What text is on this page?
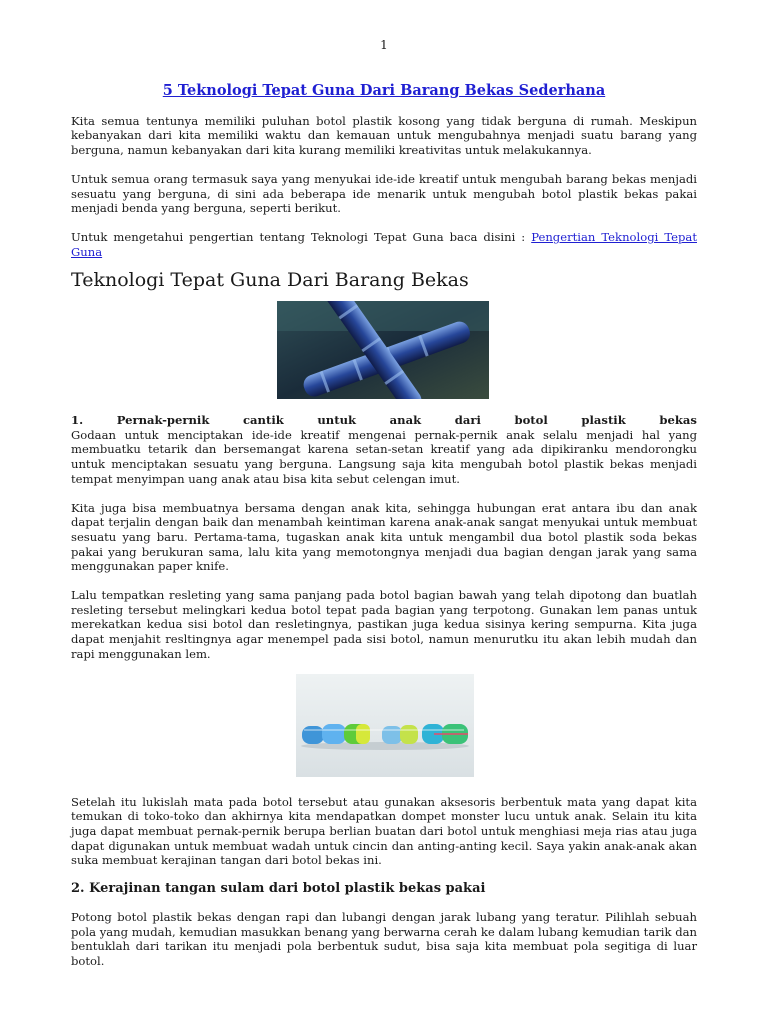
1
5 Teknologi Tepat Guna Dari Barang Bekas Sederhana

Kita semua tentunya memiliki puluhan botol plastik kosong yang tidak berguna di rumah. Meskipun kebanyakan dari kita memiliki waktu dan kemauan untuk mengubahnya menjadi suatu barang yang berguna, namun kebanyakan dari kita kurang memiliki kreativitas untuk melakukannya.

Untuk semua orang termasuk saya yang menyukai ide-ide kreatif untuk mengubah barang bekas menjadi sesuatu yang berguna, di sini ada beberapa ide menarik untuk mengubah botol plastik bekas pakai menjadi benda yang berguna, seperti berikut.

Untuk mengetahui pengertian tentang Teknologi Tepat Guna baca disini : Pengertian Teknologi Tepat Guna

Teknologi Tepat Guna Dari Barang Bekas

1.	Pernak-pernik	cantik	untuk	anak	dari	botol	plastik	bekas
Godaan untuk menciptakan ide-ide kreatif mengenai pernak-pernik anak selalu menjadi hal yang membuatku tetarik dan bersemangat karena setan-setan kreatif yang ada dipikiranku mendorongku untuk menciptakan sesuatu yang berguna. Langsung saja kita mengubah botol plastik bekas menjadi tempat menyimpan uang anak atau bisa kita sebut celengan imut.

Kita juga bisa membuatnya bersama dengan anak kita, sehingga hubungan erat antara ibu dan anak dapat terjalin dengan baik dan menambah keintiman karena anak-anak sangat menyukai untuk membuat sesuatu yang baru. Pertama-tama, tugaskan anak kita untuk mengambil dua botol plastik soda bekas pakai yang berukuran sama, lalu kita yang memotongnya menjadi dua bagian dengan jarak yang sama menggunakan paper knife.

Lalu tempatkan resleting yang sama panjang pada botol bagian bawah yang telah dipotong dan buatlah resleting tersebut melingkari kedua botol tepat pada bagian yang terpotong. Gunakan lem panas untuk merekatkan kedua sisi botol dan resletingnya, pastikan juga kedua sisinya kering sempurna. Kita juga dapat menjahit resltingnya agar menempel pada sisi botol, namun menurutku itu akan lebih mudah dan rapi menggunakan lem.

Setelah itu lukislah mata pada botol tersebut atau gunakan aksesoris berbentuk mata yang dapat kita temukan di toko-toko dan akhirnya kita mendapatkan dompet monster lucu untuk anak. Selain itu kita juga dapat membuat pernak-pernik berupa berlian buatan dari botol untuk menghiasi meja rias atau juga dapat digunakan untuk membuat wadah untuk cincin dan anting-anting kecil. Saya yakin anak-anak akan suka membuat kerajinan tangan dari botol bekas ini.

2. Kerajinan tangan sulam dari botol plastik bekas pakai

Potong botol plastik bekas dengan rapi dan lubangi dengan jarak lubang yang teratur. Pilihlah sebuah pola yang mudah, kemudian masukkan benang yang berwarna cerah ke dalam lubang kemudian tarik dan bentuklah dari tarikan itu menjadi pola berbentuk sudut, bisa saja kita membuat pola segitiga di luar botol.
